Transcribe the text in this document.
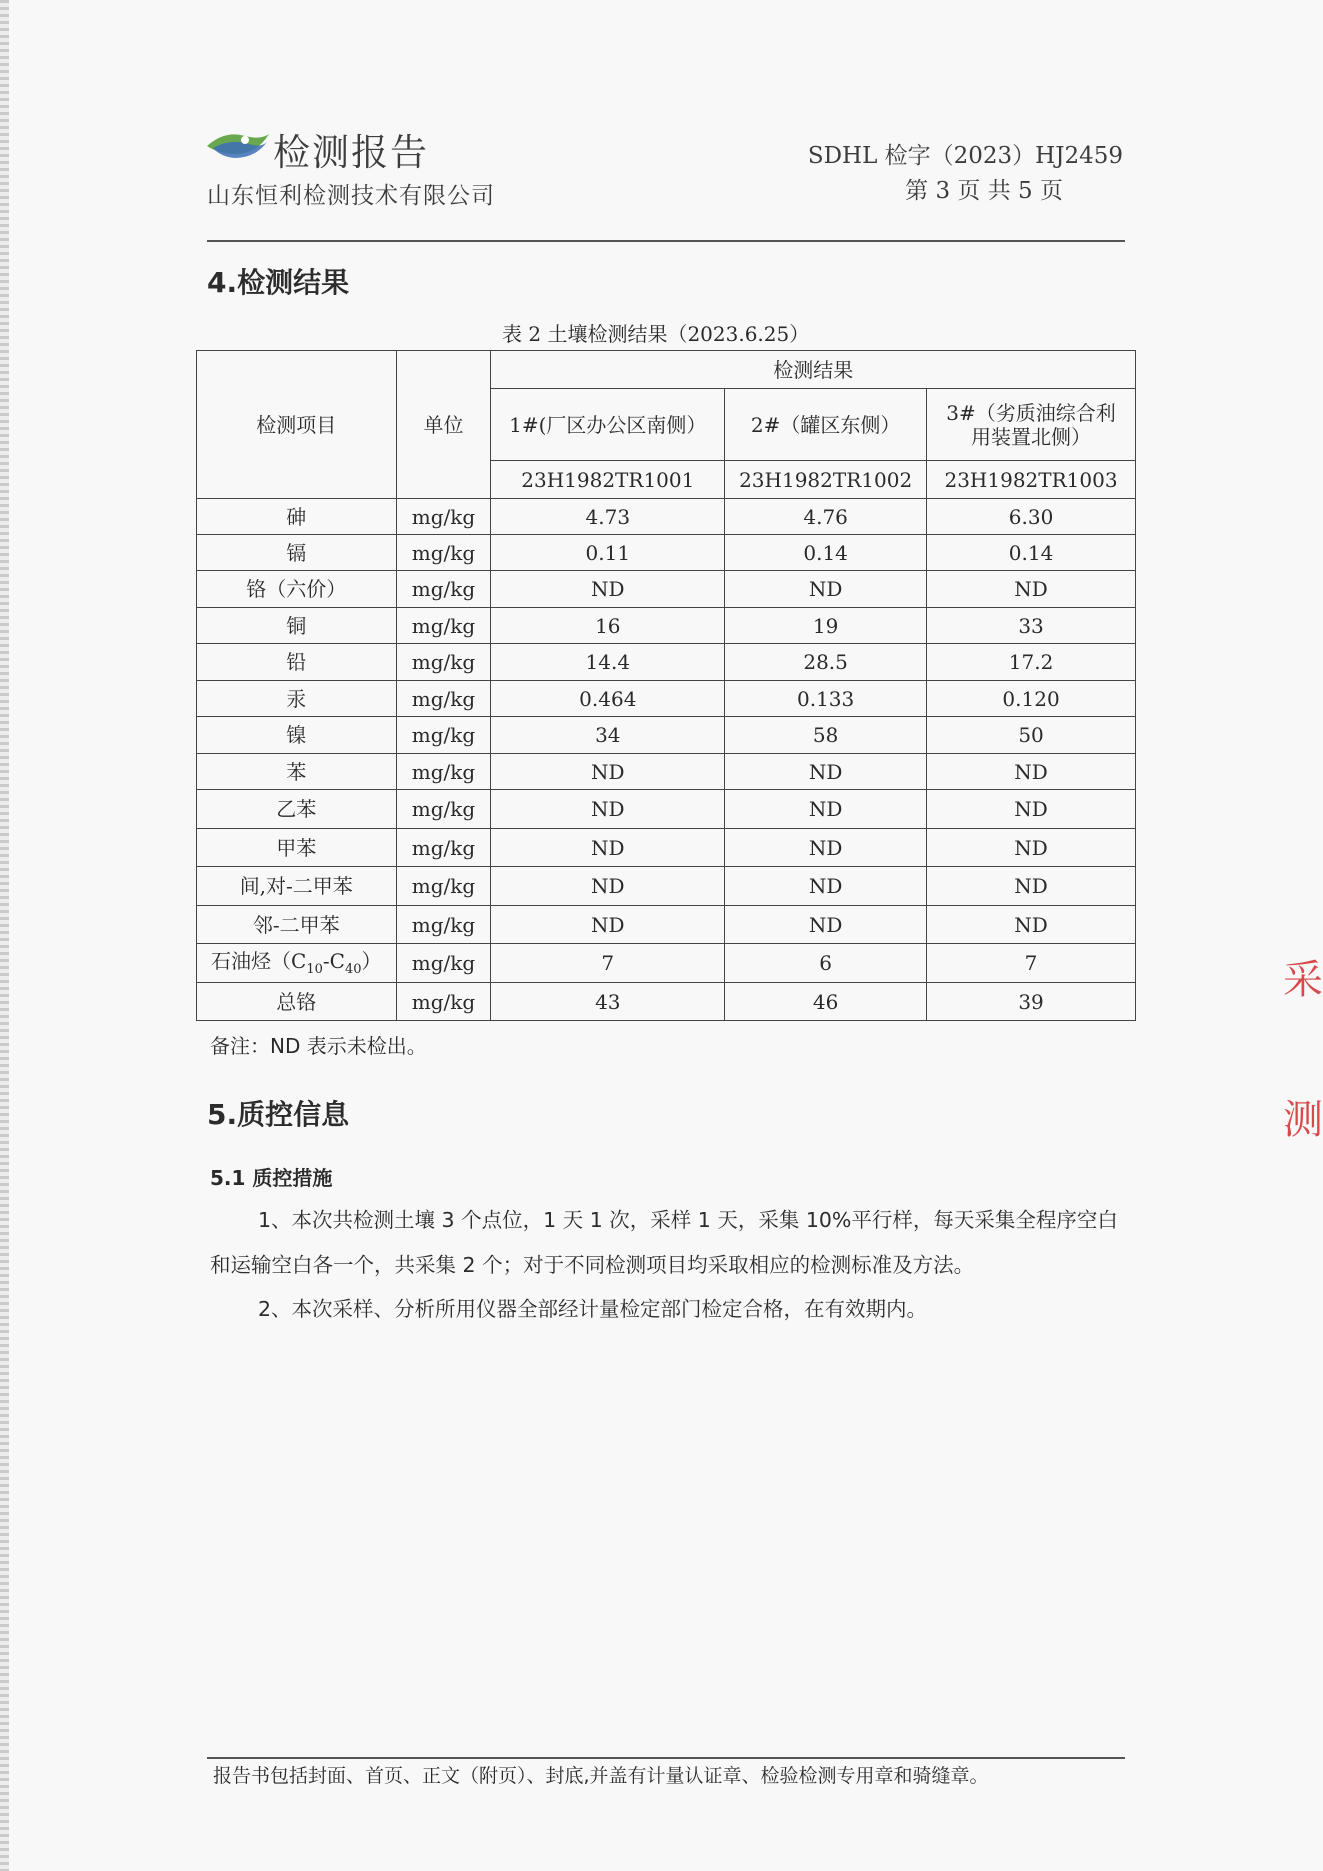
检测报告
山东恒利检测技术有限公司
SDHL 检字（2023）HJ2459
第 3 页 共 5 页
4.检测结果
表 2 土壤检测结果（2023.6.25）
检测项目	单位	检测结果		
		1#(厂区办公区南侧）	2#（罐区东侧）	3#（劣质油综合利用装置北侧）
		23H1982TR1001	23H1982TR1002	23H1982TR1003
砷	mg/kg	4.73	4.76	6.30
镉	mg/kg	0.11	0.14	0.14
铬（六价）	mg/kg	ND	ND	ND
铜	mg/kg	16	19	33
铅	mg/kg	14.4	28.5	17.2
汞	mg/kg	0.464	0.133	0.120
镍	mg/kg	34	58	50
苯	mg/kg	ND	ND	ND
乙苯	mg/kg	ND	ND	ND
甲苯	mg/kg	ND	ND	ND
间,对-二甲苯	mg/kg	ND	ND	ND
邻-二甲苯	mg/kg	ND	ND	ND
石油烃$(C_{10}-C_{40})$	mg/kg	7	6	7
总铬	mg/kg	43	46	39
备注：ND 表示未检出。
5.质控信息
5.1 质控措施

1、本次共检测土壤 3 个点位，1 天 1 次，采样 1 天，采集 10%平行样，每天采集全程序空白和运输空白各一个，共采集 2 个；对于不同检测项目均采取相应的检测标准及方法。

2、本次采样、分析所用仪器全部经计量检定部门检定合格，在有效期内。

报告书包括封面、首页、正文（附页）、封底,并盖有计量认证章、检验检测专用章和骑缝章。
采
测
